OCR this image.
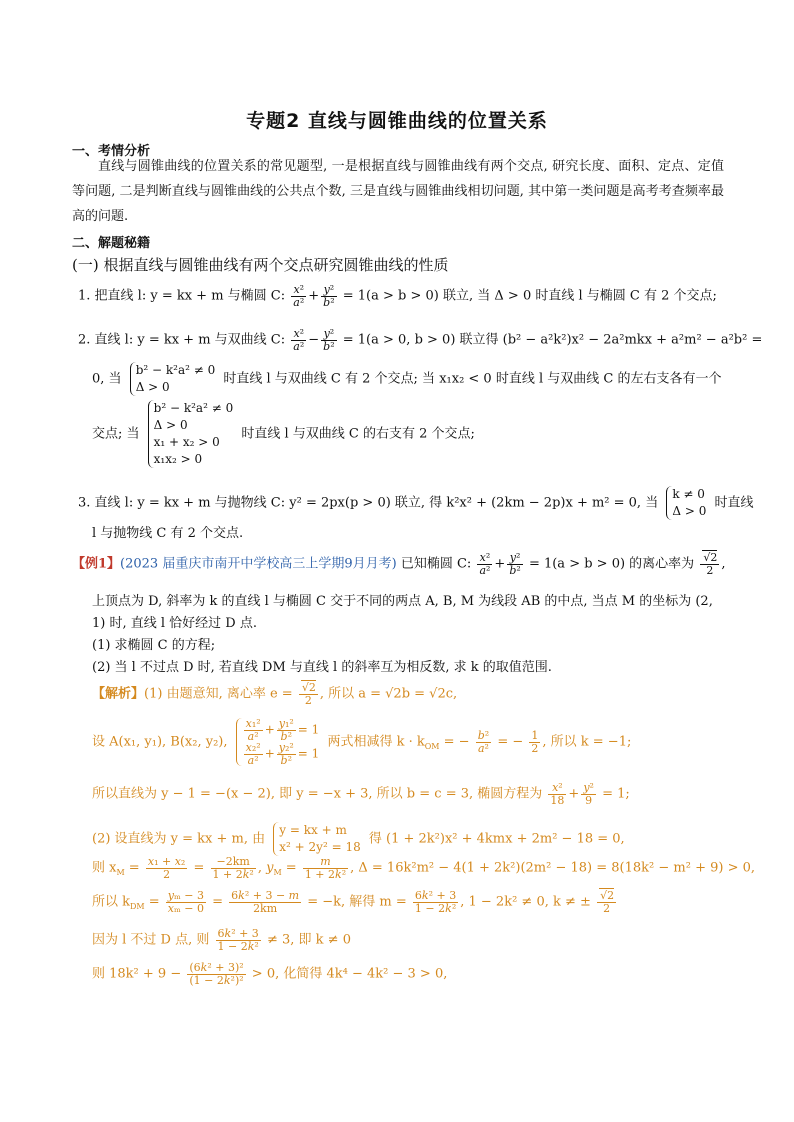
专题2 直线与圆锥曲线的位置关系
一、考情分析
直线与圆锥曲线的位置关系的常见题型, 一是根据直线与圆锥曲线有两个交点, 研究长度、面积、定点、定值等问题, 二是判断直线与圆锥曲线的公共点个数, 三是直线与圆锥曲线相切问题, 其中第一类问题是高考考查频率最高的问题.
二、解题秘籍
(一) 根据直线与圆锥曲线有两个交点研究圆锥曲线的性质
1. 把直线 l: y = kx + m 与椭圆 C: $\frac{\text{x²}}{\text{a²}} + \frac{\text{y²}}{\text{b²}} = 1(a > b > 0)$ 联立, 当 Δ > 0 时直线 l 与椭圆 C 有 2 个交点;
2. 直线 l: y = kx + m 与双曲线 C: $\frac{\text{x²}}{\text{a²}} - \frac{\text{y²}}{\text{b²}} = 1(a > 0$, b > 0) 联立得 (b² − a²k²)x² − 2a²mkx + a²m² − a²b² =
0, 当
b² − k²a² ≠ 0
Δ > 0
时直线 l 与双曲线 C 有 2 个交点; 当 x₁x₂ < 0 时直线 l 与双曲线 C 的左右支各有一个
交点; 当
b² − k²a² ≠ 0
Δ > 0
x₁ + x₂ > 0
x₁x₂ > 0
时直线 l 与双曲线 C 的右支有 2 个交点;
3. 直线 l: y = kx + m 与抛物线 C: y² = 2px(p > 0) 联立, 得 k²x² + (2km − 2p)x + m² = 0, 当
k ≠ 0
Δ > 0
时直线
l 与抛物线 C 有 2 个交点.
【例1】(2023 届重庆市南开中学校高三上学期9月月考) 已知椭圆 C: $\frac{\text{x²}}{\text{a²}} + \frac{\text{y²}}{\text{b²}} = 1(a > b > 0)$ 的离心率为 $\frac{√2}{2}$ ,
上顶点为 D, 斜率为 k 的直线 l 与椭圆 C 交于不同的两点 A, B, M 为线段 AB 的中点, 当点 M 的坐标为 (2,
1) 时, 直线 l 恰好经过 D 点.
(1) 求椭圆 C 的方程;
(2) 当 l 不过点 D 时, 若直线 DM 与直线 l 的斜率互为相反数, 求 k 的取值范围.
【解析】(1) 由题意知, 离心率 $e = \frac{√2}{2}$ , 所以 a = √2b = √2c,
设 A(x₁, y₁), B(x₂, y₂), $\frac{\text{x₁²}}{\text{a²}} + \frac{\text{y₁²}}{\text{b²}} = 1$
$\frac{\text{x₂²}}{\text{a²}} + \frac{\text{y₂²}}{\text{b²}} = 1$
两式相减得 $k \cdot k_{OM}$ = − $\frac{\text{b²}}{\text{a²}}$ = − $\frac{1}{2}$ , 所以 k = −1;
所以直线为 y − 1 = −(x − 2), 即 y = −x + 3, 所以 b = c = 3, 椭圆方程为 $\frac{\text{x²}}{18} + \frac{\text{y²}}{9} = 1$;
(2) 设直线为 y = kx + m, 由
y = kx + m
x² + 2y² = 18
得 (1 + 2k²)x² + 4kmx + 2m² − 18 = 0,
则 $x_M = \frac{\text{x₁ + x₂}}{2} = \frac{-2km}{\text{1 + 2k²}}$ , $y_M = \frac{m}{\text{1 + 2k²}}$ , Δ = 16k²m² − 4(1 + 2k²)(2m² − 18) = 8(18k² − m² + 9) > 0,
所以 $k_{DM} = \frac{\text{yₘ − 3}}{\text{xₘ − 0}} = \frac{\text{6k² + 3 − m}}{2km} = -k$, 解得 $m = \frac{\text{6k² + 3}}{\text{1 − 2k²}}$ , 1 − 2k² ≠ 0, k ≠ ± $\frac{√2}{2}$
因为 l 不过 D 点, 则 $\frac{\text{6k² + 3}}{\text{1 − 2k²}} \ne 3$, 即 k ≠ 0
则 $18k^2 + 9 - \frac{\text{(6k² + 3)²}}{\text{(1 − 2k²)²}} > 0$, 化简得 4k⁴ − 4k² − 3 > 0,
